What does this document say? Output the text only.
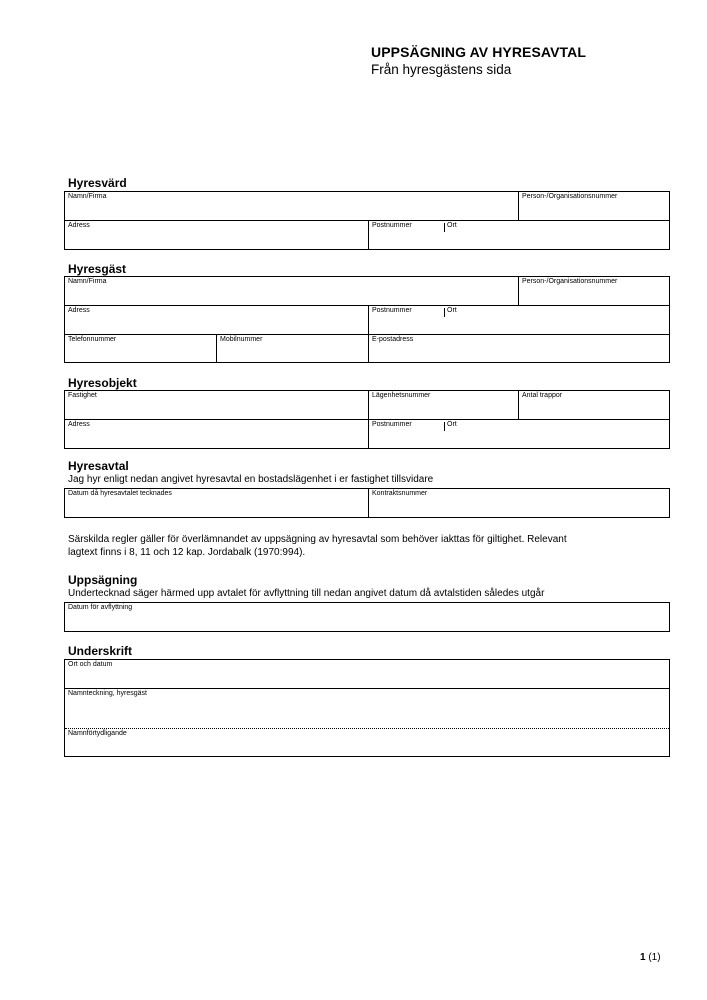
UPPSÄGNING AV HYRESAVTAL
Från hyresgästens sida
Hyresvärd
Namn/Firma	Person-/Organisationsnummer
Adress	Postnummer	Ort
Hyresgäst
Namn/Firma	Person-/Organisationsnummer
Adress	Postnummer	Ort
Telefonnummer	Mobilnummer	E-postadress
Hyresobjekt
Fastighet	Lägenhetsnummer	Antal trappor
Adress	Postnummer	Ort
Hyresavtal
Jag hyr enligt nedan angivet hyresavtal en bostadslägenhet i er fastighet tillsvidare
Datum då hyresavtalet tecknades	Kontraktsnummer
Särskilda regler gäller för överlämnandet av uppsägning av hyresavtal som behöver iakttas för giltighet. Relevant
lagtext finns i 8, 11 och 12 kap. Jordabalk (1970:994).
Uppsägning
Undertecknad säger härmed upp avtalet för avflyttning till nedan angivet datum då avtalstiden således utgår
Datum för avflyttning
Underskrift
Ort och datum
Namnteckning, hyresgäst
Namnförtydligande
1 (1)
